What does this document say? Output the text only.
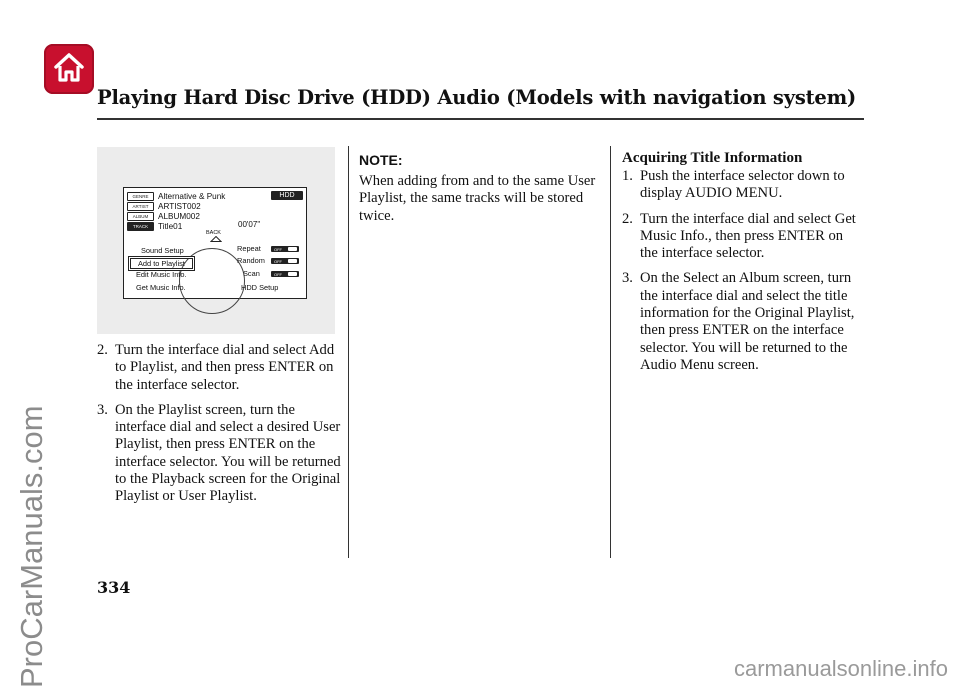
Playing Hard Disc Drive (HDD) Audio (Models with navigation system)
GENRE	Alternative & Punk
ARTIST	ARTIST002
ALBUM	ALBUM002
TRACK	Title01	00'07"
HDD
BACK
Sound Setup
Add to Playlist
Edit Music Info.
Get Music Info.
Repeat
Random
Scan
HDD Setup
OFF
OFF
OFF
2. Turn the interface dial and select Add to Playlist, and then press ENTER on the interface selector.
3. On the Playlist screen, turn the interface dial and select a desired User Playlist, then press ENTER on the interface selector. You will be returned to the Playback screen for the Original Playlist or User Playlist.
NOTE:
When adding from and to the same User Playlist, the same tracks will be stored twice.
Acquiring Title Information
1. Push the interface selector down to display AUDIO MENU.
2. Turn the interface dial and select Get Music Info., then press ENTER on the interface selector.
3. On the Select an Album screen, turn the interface dial and select the title information for the Original Playlist, then press ENTER on the interface selector. You will be returned to the Audio Menu screen.
334
ProCarManuals.com	carmanualsonline.info
